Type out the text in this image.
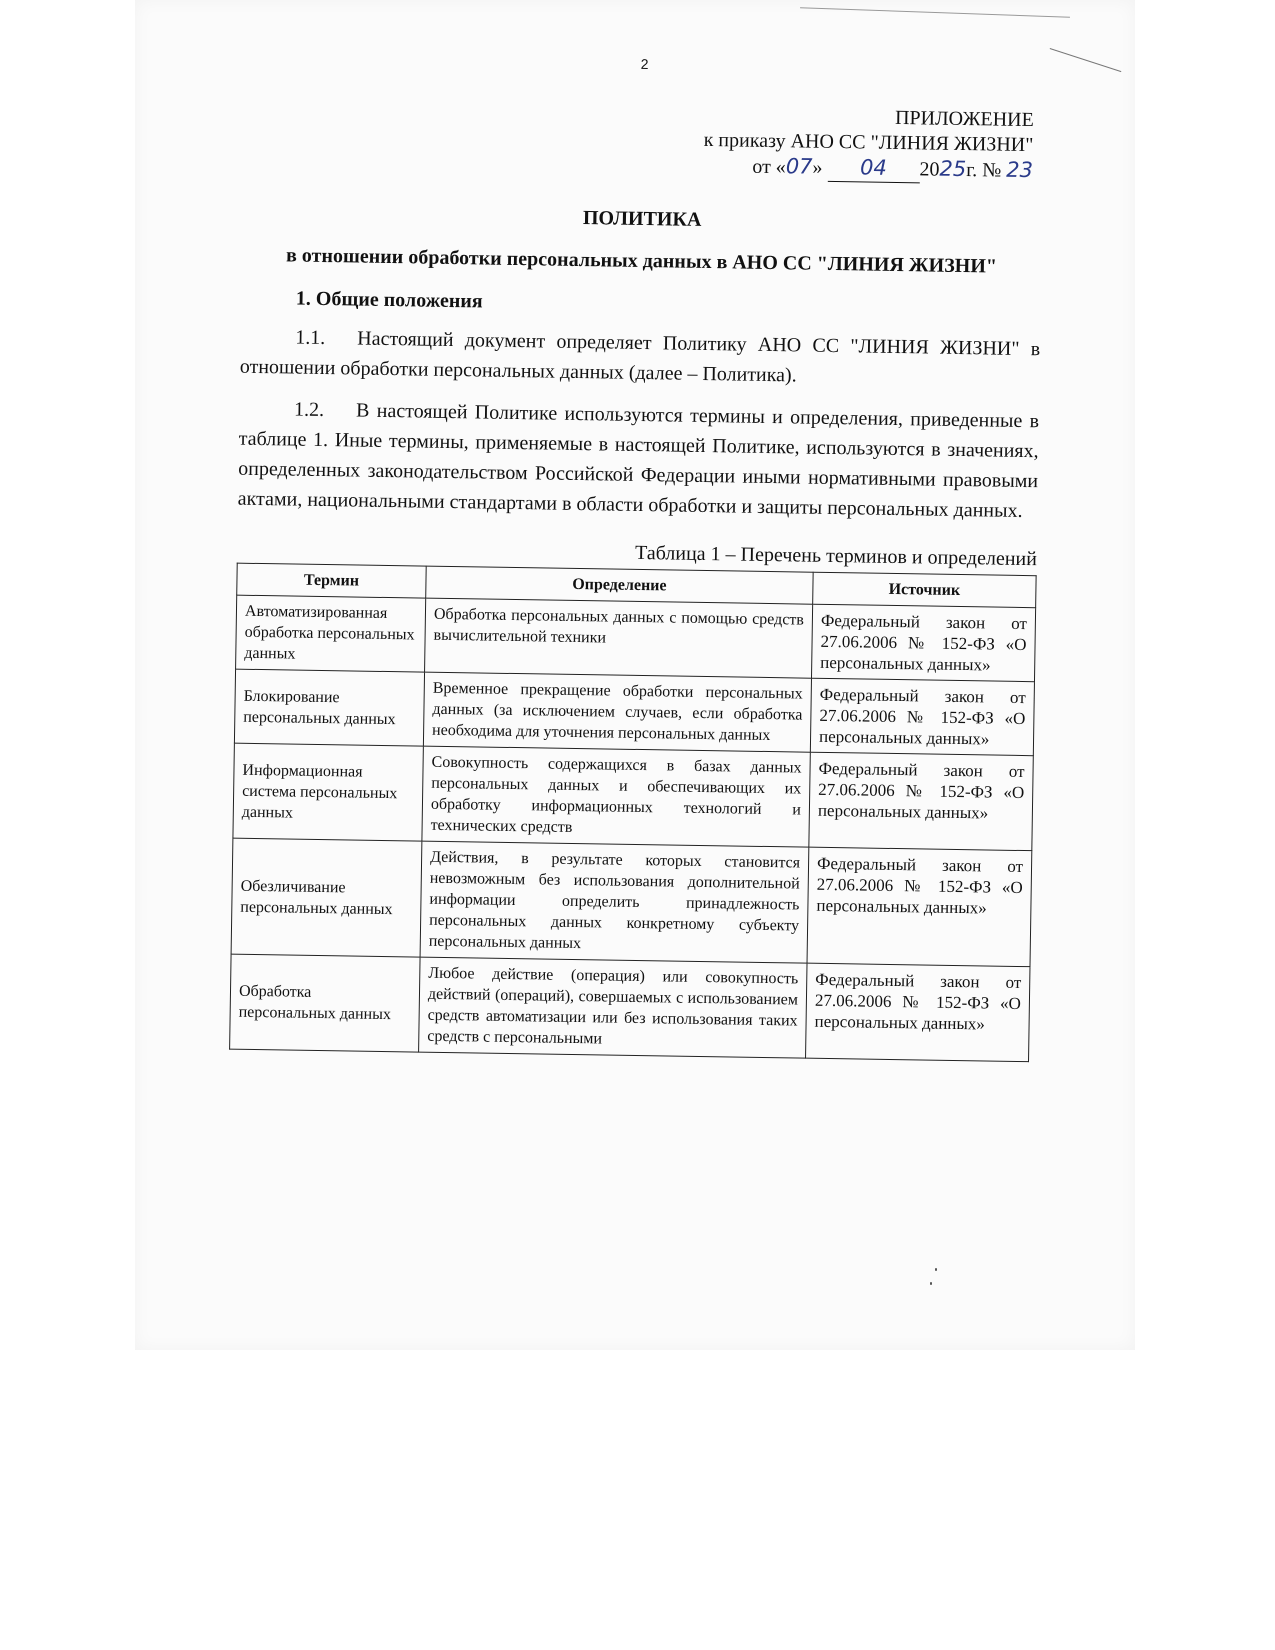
2
ПРИЛОЖЕНИЕ
к приказу АНО СС "ЛИНИЯ ЖИЗНИ"
от «07» 04 2025г. № 23
ПОЛИТИКА
в отношении обработки персональных данных в АНО СС "ЛИНИЯ ЖИЗНИ"
1. Общие положения
1.1. Настоящий документ определяет Политику АНО СС "ЛИНИЯ ЖИЗНИ" в отношении обработки персональных данных (далее – Политика).
1.2. В настоящей Политике используются термины и определения, приведенные в таблице 1. Иные термины, применяемые в настоящей Политике, используются в значениях, определенных законодательством Российской Федерации иными нормативными правовыми актами, национальными стандартами в области обработки и защиты персональных данных.
Таблица 1 – Перечень терминов и определений
Термин	Определение	Источник
Автоматизированная обработка персональных данных	Обработка персональных данных с помощью средств вычислительной техники	Федеральный закон от 27.06.2006 № 152-ФЗ «О персональных данных»
Блокирование персональных данных	Временное прекращение обработки персональных данных (за исключением случаев, если обработка необходима для уточнения персональных данных	Федеральный закон от 27.06.2006 № 152-ФЗ «О персональных данных»
Информационная система персональных данных	Совокупность содержащихся в базах данных персональных данных и обеспечивающих их обработку информационных технологий и технических средств	Федеральный закон от 27.06.2006 № 152-ФЗ «О персональных данных»
Обезличивание персональных данных	Действия, в результате которых становится невозможным без использования дополнительной информации определить принадлежность персональных данных конкретному субъекту персональных данных	Федеральный закон от 27.06.2006 № 152-ФЗ «О персональных данных»
Обработка персональных данных	Любое действие (операция) или совокупность действий (операций), совершаемых с использованием средств автоматизации или без использования таких средств с персональными	Федеральный закон от 27.06.2006 № 152-ФЗ «О персональных данных»
